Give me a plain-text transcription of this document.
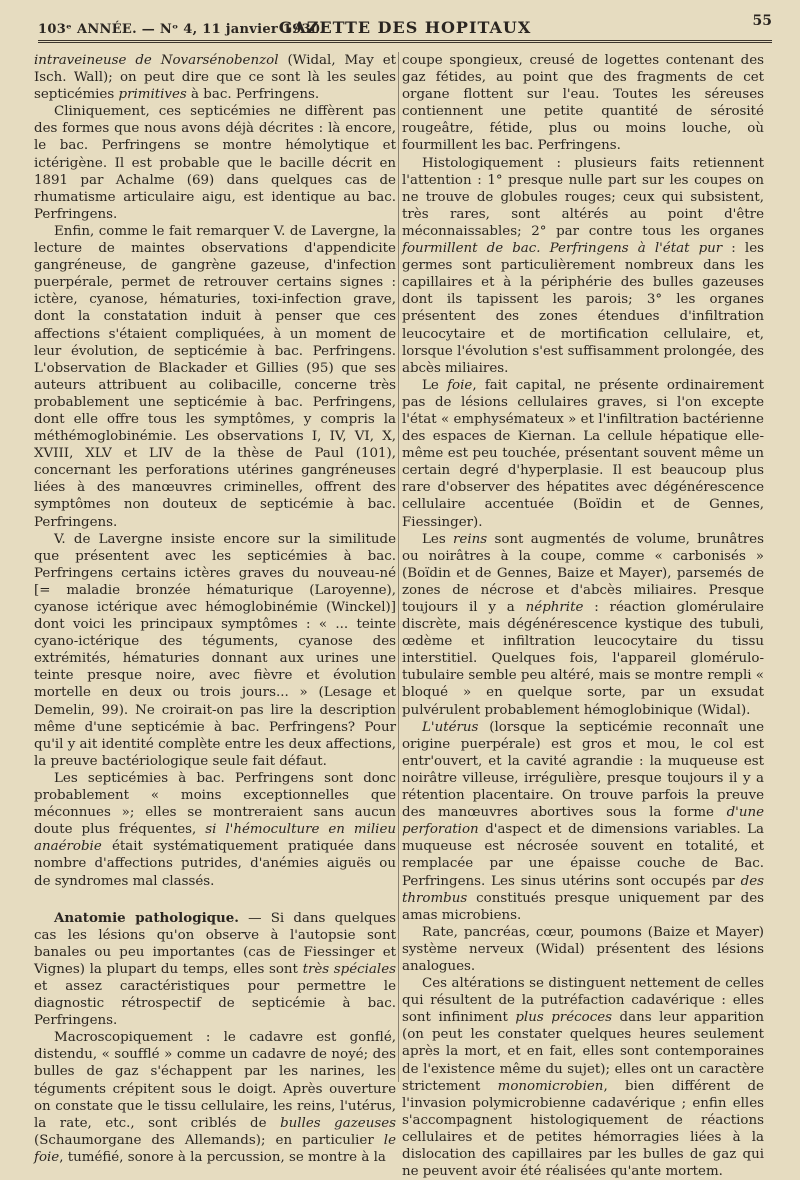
103ᵉ ANNÉE. — Nᵒ 4, 11 janvier 1930.
GAZETTE DES HOPITAUX	55

intraveineuse de Novarsénobenzol (Widal, May et Isch. Wall); on peut dire que ce sont là les seules septicémies primitives à bac. Perfringens.

Cliniquement, ces septicémies ne diffèrent pas des formes que nous avons déjà décrites : là encore, le bac. Perfringens se montre hémolytique et ictérigène. Il est probable que le bacille décrit en 1891 par Achalme (69) dans quelques cas de rhumatisme articulaire aigu, est identique au bac. Perfringens.

Enfin, comme le fait remarquer V. de Lavergne, la lecture de maintes observations d'appendicite gangréneuse, de gangrène gazeuse, d'infection puerpérale, permet de retrouver certains signes : ictère, cyanose, hématuries, toxi-infection grave, dont la constatation induit à penser que ces affections s'étaient compliquées, à un moment de leur évolution, de septicémie à bac. Perfringens. L'observation de Blackader et Gillies (95) que ses auteurs attribuent au colibacille, concerne très probablement une septicémie à bac. Perfringens, dont elle offre tous les symptômes, y compris la méthémoglobinémie. Les observations I, IV, VI, X, XVIII, XLV et LIV de la thèse de Paul (101), concernant les perforations utérines gangréneuses liées à des manœuvres criminelles, offrent des symptômes non douteux de septicémie à bac. Perfringens.

V. de Lavergne insiste encore sur la similitude que présentent avec les septicémies à bac. Perfringens certains ictères graves du nouveau-né [= maladie bronzée hématurique (Laroyenne), cyanose ictérique avec hémoglobinémie (Winckel)] dont voici les principaux symptômes : « ... teinte cyano-ictérique des téguments, cyanose des extrémités, hématuries donnant aux urines une teinte presque noire, avec fièvre et évolution mortelle en deux ou trois jours... » (Lesage et Demelin, 99). Ne croirait-on pas lire la description même d'une septicémie à bac. Perfringens? Pour qu'il y ait identité complète entre les deux affections, la preuve bactériologique seule fait défaut.

Les septicémies à bac. Perfringens sont donc probablement « moins exceptionnelles que méconnues »; elles se montreraient sans aucun doute plus fréquentes, si l'hémoculture en milieu anaérobie était systématiquement pratiquée dans nombre d'affections putrides, d'anémies aiguës ou de syndromes mal classés.

Anatomie pathologique. — Si dans quelques cas les lésions qu'on observe à l'autopsie sont banales ou peu importantes (cas de Fiessinger et Vignes) la plupart du temps, elles sont très spéciales et assez caractéristiques pour permettre le diagnostic rétrospectif de septicémie à bac. Perfringens.

Macroscopiquement : le cadavre est gonflé, distendu, « soufflé » comme un cadavre de noyé; des bulles de gaz s'échappent par les narines, les téguments crépitent sous le doigt. Après ouverture on constate que le tissu cellulaire, les reins, l'utérus, la rate, etc., sont criblés de bulles gazeuses (Schaumorgane des Allemands); en particulier le foie, tuméfié, sonore à la percussion, se montre à la

coupe spongieux, creusé de logettes contenant des gaz fétides, au point que des fragments de cet organe flottent sur l'eau. Toutes les séreuses contiennent une petite quantité de sérosité rougeâtre, fétide, plus ou moins louche, où fourmillent les bac. Perfringens.

Histologiquement : plusieurs faits retiennent l'attention : 1° presque nulle part sur les coupes on ne trouve de globules rouges; ceux qui subsistent, très rares, sont altérés au point d'être méconnaissables; 2° par contre tous les organes fourmillent de bac. Perfringens à l'état pur : les germes sont particulièrement nombreux dans les capillaires et à la périphérie des bulles gazeuses dont ils tapissent les parois; 3° les organes présentent des zones étendues d'infiltration leucocytaire et de mortification cellulaire, et, lorsque l'évolution s'est suffisamment prolongée, des abcès miliaires.

Le foie, fait capital, ne présente ordinairement pas de lésions cellulaires graves, si l'on excepte l'état « emphysémateux » et l'infiltration bactérienne des espaces de Kiernan. La cellule hépatique elle-même est peu touchée, présentant souvent même un certain degré d'hyperplasie. Il est beaucoup plus rare d'observer des hépatites avec dégénérescence cellulaire accentuée (Boïdin et de Gennes, Fiessinger).

Les reins sont augmentés de volume, brunâtres ou noirâtres à la coupe, comme « carbonisés » (Boïdin et de Gennes, Baize et Mayer), parsemés de zones de nécrose et d'abcès miliaires. Presque toujours il y a néphrite : réaction glomérulaire discrète, mais dégénérescence kystique des tubuli, œdème et infiltration leucocytaire du tissu interstitiel. Quelques fois, l'appareil glomérulo-tubulaire semble peu altéré, mais se montre rempli « bloqué » en quelque sorte, par un exsudat pulvérulent probablement hémoglobinique (Widal).

L'utérus (lorsque la septicémie reconnaît une origine puerpérale) est gros et mou, le col est entr'ouvert, et la cavité agrandie : la muqueuse est noirâtre villeuse, irrégulière, presque toujours il y a rétention placentaire. On trouve parfois la preuve des manœuvres abortives sous la forme d'une perforation d'aspect et de dimensions variables. La muqueuse est nécrosée souvent en totalité, et remplacée par une épaisse couche de Bac. Perfringens. Les sinus utérins sont occupés par des thrombus constitués presque uniquement par des amas microbiens.

Rate, pancréas, cœur, poumons (Baize et Mayer) système nerveux (Widal) présentent des lésions analogues.

Ces altérations se distinguent nettement de celles qui résultent de la putréfaction cadavérique : elles sont infiniment plus précoces dans leur apparition (on peut les constater quelques heures seulement après la mort, et en fait, elles sont contemporaines de l'existence même du sujet); elles ont un caractère strictement monomicrobien, bien différent de l'invasion polymicrobienne cadavérique ; enfin elles s'accompagnent histologiquement de réactions cellulaires et de petites hémorragies liées à la dislocation des capillaires par les bulles de gaz qui ne peuvent avoir été réalisées qu'ante mortem.
